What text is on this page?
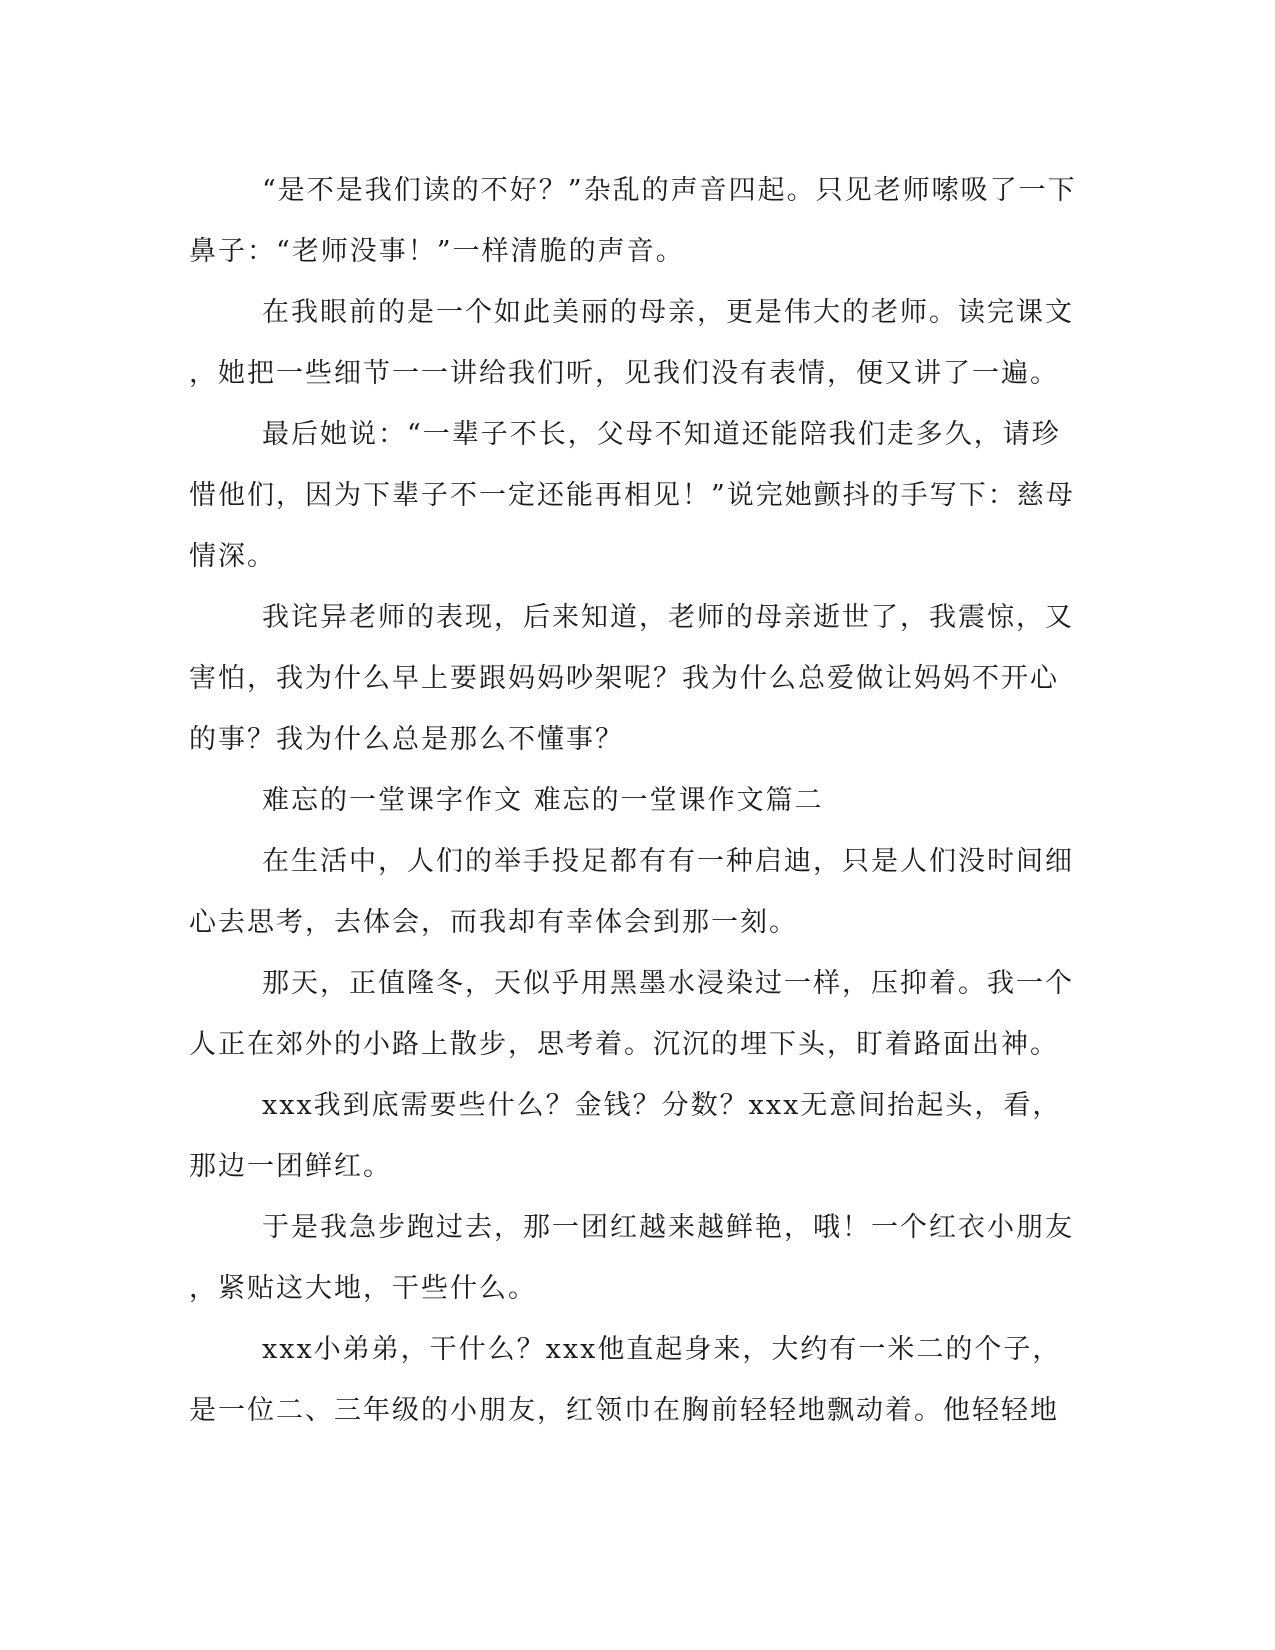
“是不是我们读的不好？”杂乱的声音四起。只见老师嗦吸了一下
鼻子：“老师没事！”一样清脆的声音。
在我眼前的是一个如此美丽的母亲，更是伟大的老师。读完课文
，她把一些细节一一讲给我们听，见我们没有表情，便又讲了一遍。
最后她说：“一辈子不长，父母不知道还能陪我们走多久，请珍
惜他们，因为下辈子不一定还能再相见！”说完她颤抖的手写下：慈母
情深。
我诧异老师的表现，后来知道，老师的母亲逝世了，我震惊，又
害怕，我为什么早上要跟妈妈吵架呢？我为什么总爱做让妈妈不开心
的事？我为什么总是那么不懂事？
难忘的一堂课字作文 难忘的一堂课作文篇二
在生活中，人们的举手投足都有有一种启迪，只是人们没时间细
心去思考，去体会，而我却有幸体会到那一刻。
那天，正值隆冬，天似乎用黑墨水浸染过一样，压抑着。我一个
人正在郊外的小路上散步，思考着。沉沉的埋下头，盯着路面出神。
xxx我到底需要些什么？金钱？分数？xxx无意间抬起头，看，
那边一团鲜红。
于是我急步跑过去，那一团红越来越鲜艳，哦！一个红衣小朋友
，紧贴这大地，干些什么。
xxx小弟弟，干什么？xxx他直起身来，大约有一米二的个子，
是一位二、三年级的小朋友，红领巾在胸前轻轻地飘动着。他轻轻地
